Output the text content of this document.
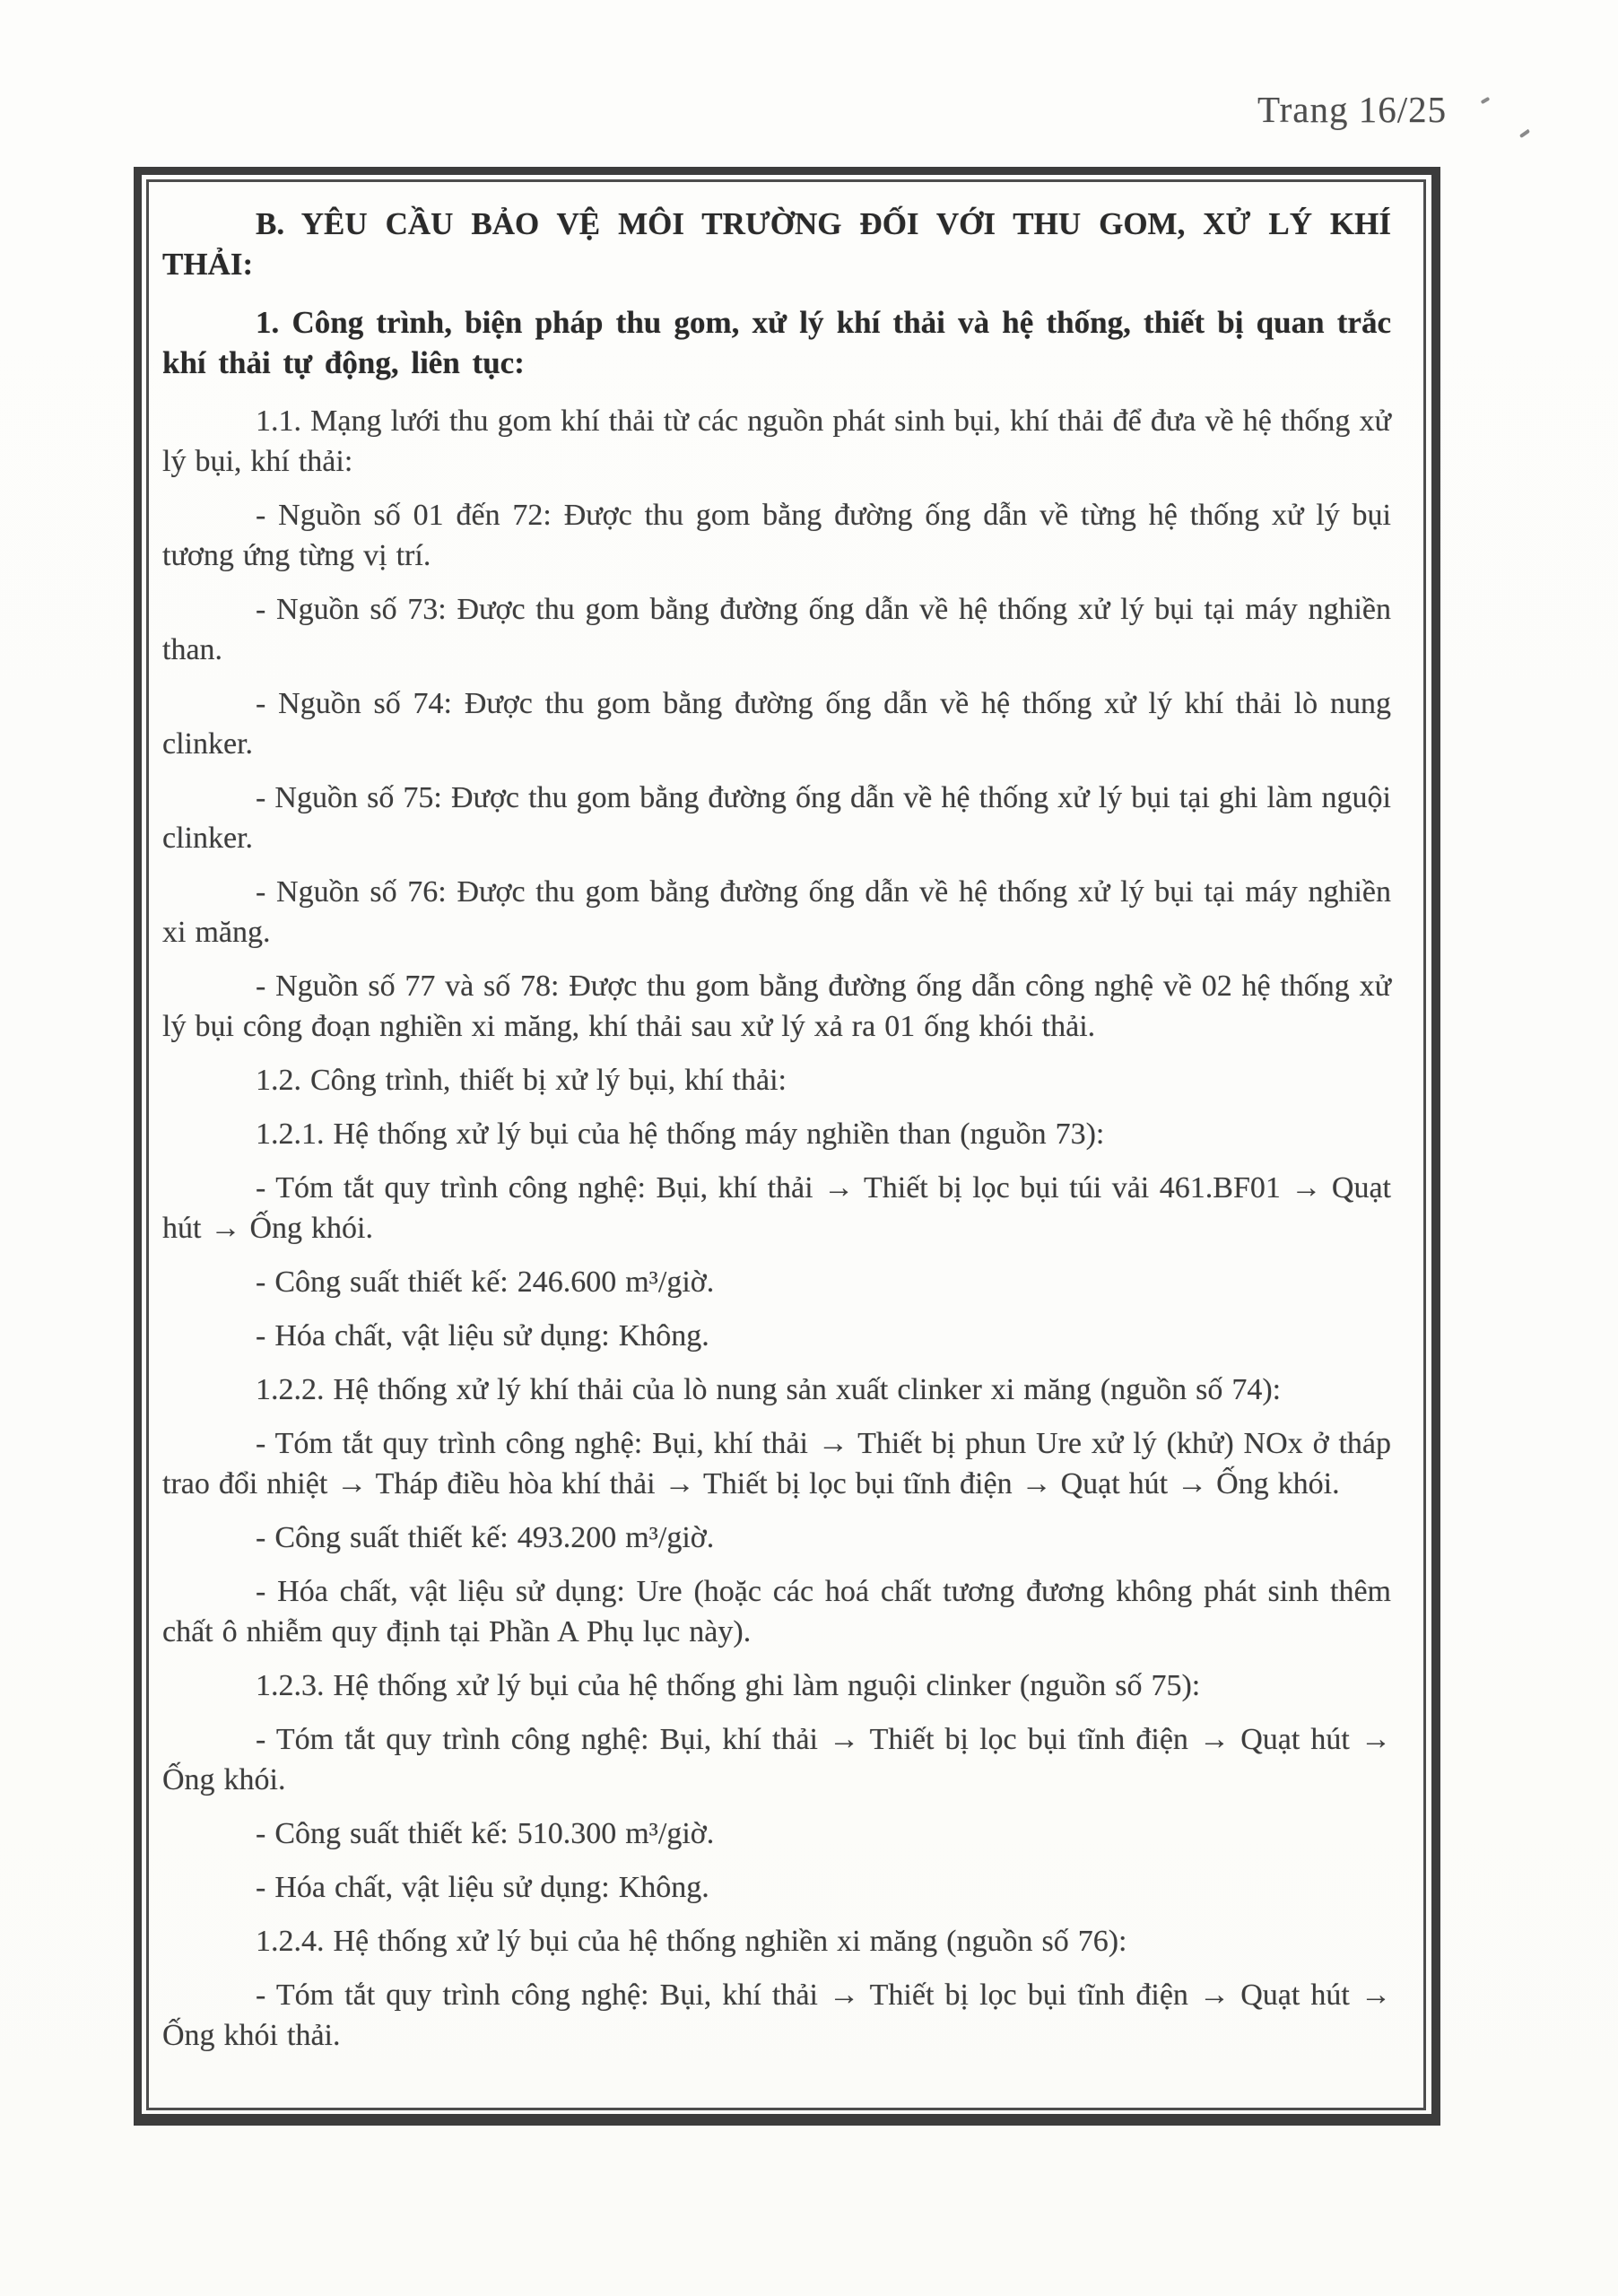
Trang 16/25

B. YÊU CẦU BẢO VỆ MÔI TRƯỜNG ĐỐI VỚI THU GOM, XỬ LÝ KHÍ THẢI:

1. Công trình, biện pháp thu gom, xử lý khí thải và hệ thống, thiết bị quan trắc khí thải tự động, liên tục:

1.1. Mạng lưới thu gom khí thải từ các nguồn phát sinh bụi, khí thải để đưa về hệ thống xử lý bụi, khí thải:

- Nguồn số 01 đến 72: Được thu gom bằng đường ống dẫn về từng hệ thống xử lý bụi tương ứng từng vị trí.

- Nguồn số 73: Được thu gom bằng đường ống dẫn về hệ thống xử lý bụi tại máy nghiền than.

- Nguồn số 74: Được thu gom bằng đường ống dẫn về hệ thống xử lý khí thải lò nung clinker.

- Nguồn số 75: Được thu gom bằng đường ống dẫn về hệ thống xử lý bụi tại ghi làm nguội clinker.

- Nguồn số 76: Được thu gom bằng đường ống dẫn về hệ thống xử lý bụi tại máy nghiền xi măng.

- Nguồn số 77 và số 78: Được thu gom bằng đường ống dẫn công nghệ về 02 hệ thống xử lý bụi công đoạn nghiền xi măng, khí thải sau xử lý xả ra 01 ống khói thải.

1.2. Công trình, thiết bị xử lý bụi, khí thải:

1.2.1. Hệ thống xử lý bụi của hệ thống máy nghiền than (nguồn 73):

- Tóm tắt quy trình công nghệ: Bụi, khí thải → Thiết bị lọc bụi túi vải 461.BF01 → Quạt hút → Ống khói.

- Công suất thiết kế: 246.600 m³/giờ.

- Hóa chất, vật liệu sử dụng: Không.

1.2.2. Hệ thống xử lý khí thải của lò nung sản xuất clinker xi măng (nguồn số 74):

- Tóm tắt quy trình công nghệ: Bụi, khí thải → Thiết bị phun Ure xử lý (khử) NOx ở tháp trao đổi nhiệt → Tháp điều hòa khí thải → Thiết bị lọc bụi tĩnh điện → Quạt hút → Ống khói.

- Công suất thiết kế: 493.200 m³/giờ.

- Hóa chất, vật liệu sử dụng: Ure (hoặc các hoá chất tương đương không phát sinh thêm chất ô nhiễm quy định tại Phần A Phụ lục này).

1.2.3. Hệ thống xử lý bụi của hệ thống ghi làm nguội clinker (nguồn số 75):

- Tóm tắt quy trình công nghệ: Bụi, khí thải → Thiết bị lọc bụi tĩnh điện → Quạt hút → Ống khói.

- Công suất thiết kế: 510.300 m³/giờ.

- Hóa chất, vật liệu sử dụng: Không.

1.2.4. Hệ thống xử lý bụi của hệ thống nghiền xi măng (nguồn số 76):

- Tóm tắt quy trình công nghệ: Bụi, khí thải → Thiết bị lọc bụi tĩnh điện → Quạt hút → Ống khói thải.
